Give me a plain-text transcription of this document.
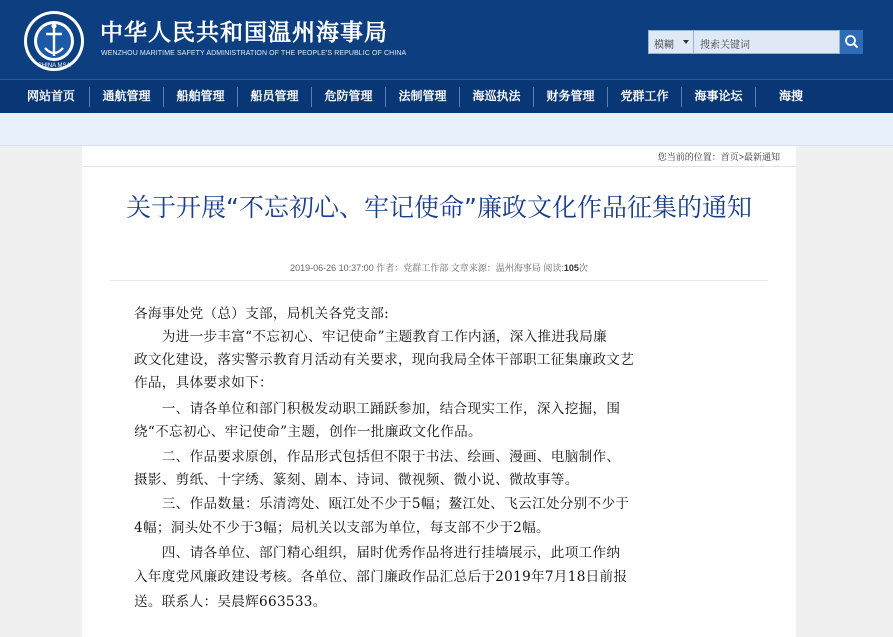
CHINA MSA
中华人民共和国温州海事局
WENZHOU MARITIME SAFETY ADMINISTRATION OF THE PEOPLE'S REPUBLIC OF CHINA
模糊	搜索关键词
网站首页	通航管理	船舶管理	船员管理	危防管理	法制管理	海巡执法	财务管理	党群工作	海事论坛	海搜
您当前的位置：首页>最新通知
关于开展“不忘初心、牢记使命”廉政文化作品征集的通知
2019-06-26 10:37:00 作者：党群工作部 文章来源：温州海事局 阅读:105次
各海事处党（总）支部，局机关各党支部:
　　为进一步丰富“不忘初心、牢记使命”主题教育工作内涵，深入推进我局廉
政文化建设，落实警示教育月活动有关要求，现向我局全体干部职工征集廉政文艺
作品，具体要求如下：
　　一、请各单位和部门积极发动职工踊跃参加，结合现实工作，深入挖掘，围
绕“不忘初心、牢记使命”主题，创作一批廉政文化作品。
　　二、作品要求原创，作品形式包括但不限于书法、绘画、漫画、电脑制作、
摄影、剪纸、十字绣、篆刻、剧本、诗词、微视频、微小说、微故事等。
　　三、作品数量：乐清湾处、瓯江处不少于5幅；鳌江处、飞云江处分别不少于
4幅；洞头处不少于3幅；局机关以支部为单位，每支部不少于2幅。
　　四、请各单位、部门精心组织，届时优秀作品将进行挂墙展示，此项工作纳
入年度党风廉政建设考核。各单位、部门廉政作品汇总后于2019年7月18日前报
送。联系人：吴晨辉663533。
